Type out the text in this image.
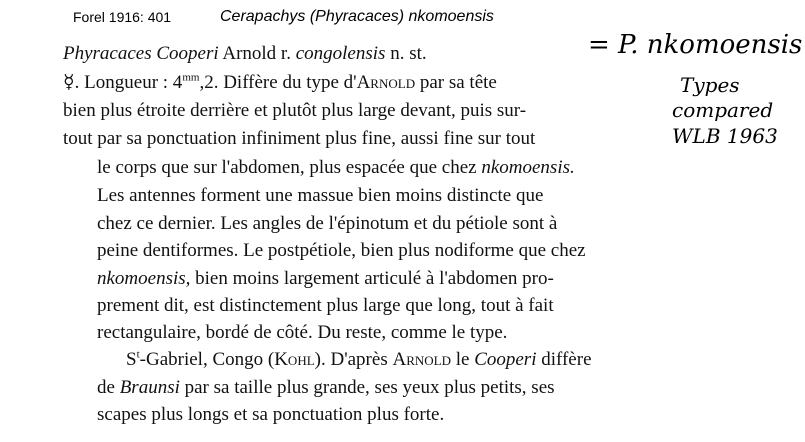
Forel 1916: 401	Cerapachys (Phyracaces) nkomoensis
Phyracaces Cooperi Arnold r. congolensis n. st.
☿. Longueur : $4^{mm},2$. Diffère du type d'Arnold par sa tête
bien plus étroite derrière et plutôt plus large devant, puis sur-
tout par sa ponctuation infiniment plus fine, aussi fine sur tout
le corps que sur l'abdomen, plus espacée que chez nkomoensis.
Les antennes forment une massue bien moins distincte que
chez ce dernier. Les angles de l'épinotum et du pétiole sont à
peine dentiformes. Le postpétiole, bien plus nodiforme que chez
nkomoensis, bien moins largement articulé à l'abdomen pro-
prement dit, est distinctement plus large que long, tout à fait
rectangulaire, bordé de côté. Du reste, comme le type.
$S^t$-Gabriel, Congo (Kohl). D'après Arnold le Cooperi diffère
de Braunsi par sa taille plus grande, ses yeux plus petits, ses
scapes plus longs et sa ponctuation plus forte.
= P. nkomoensis
Types
compared
WLB 1963
